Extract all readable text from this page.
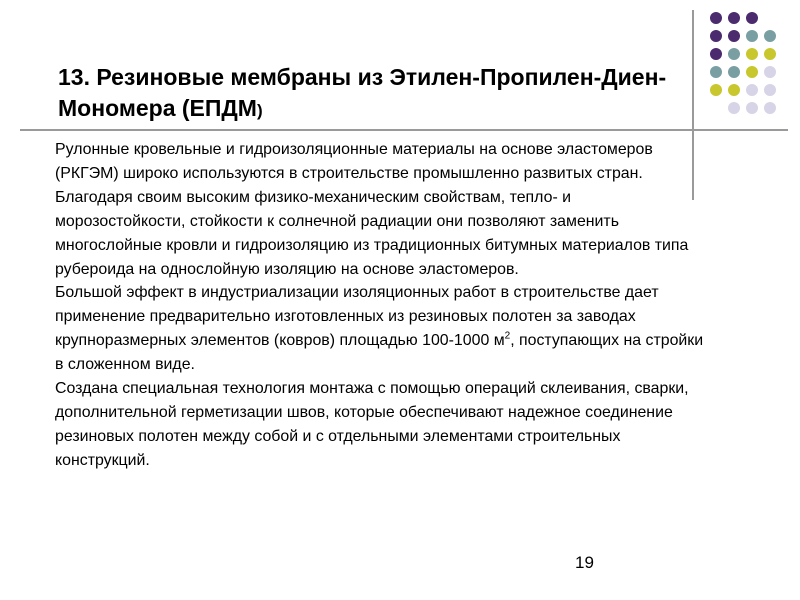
13. Резиновые мембраны из Этилен-Пропилен-Диен-Мономера (ЕПДМ)

Рулонные кровельные и гидроизоляционные материалы на основе эластомеров (РКГЭМ) широко используются в строительстве промышленно развитых стран.

Благодаря своим высоким физико-механическим свойствам, тепло- и морозостойкости, стойкости к солнечной радиации они позволяют заменить многослойные кровли и гидроизоляцию из традиционных битумных материалов типа рубероида на однослойную изоляцию на основе эластомеров.

Большой эффект в индустриализации изоляционных работ в строительстве дает применение предварительно изготовленных из резиновых полотен за заводах крупноразмерных элементов (ковров) площадью 100-1000 $м^2$, поступающих на стройки в сложенном виде.

Создана специальная технология монтажа с помощью операций склеивания, сварки, дополнительной герметизации швов, которые обеспечивают надежное соединение резиновых полотен между собой и с отдельными элементами строительных конструкций.

19
